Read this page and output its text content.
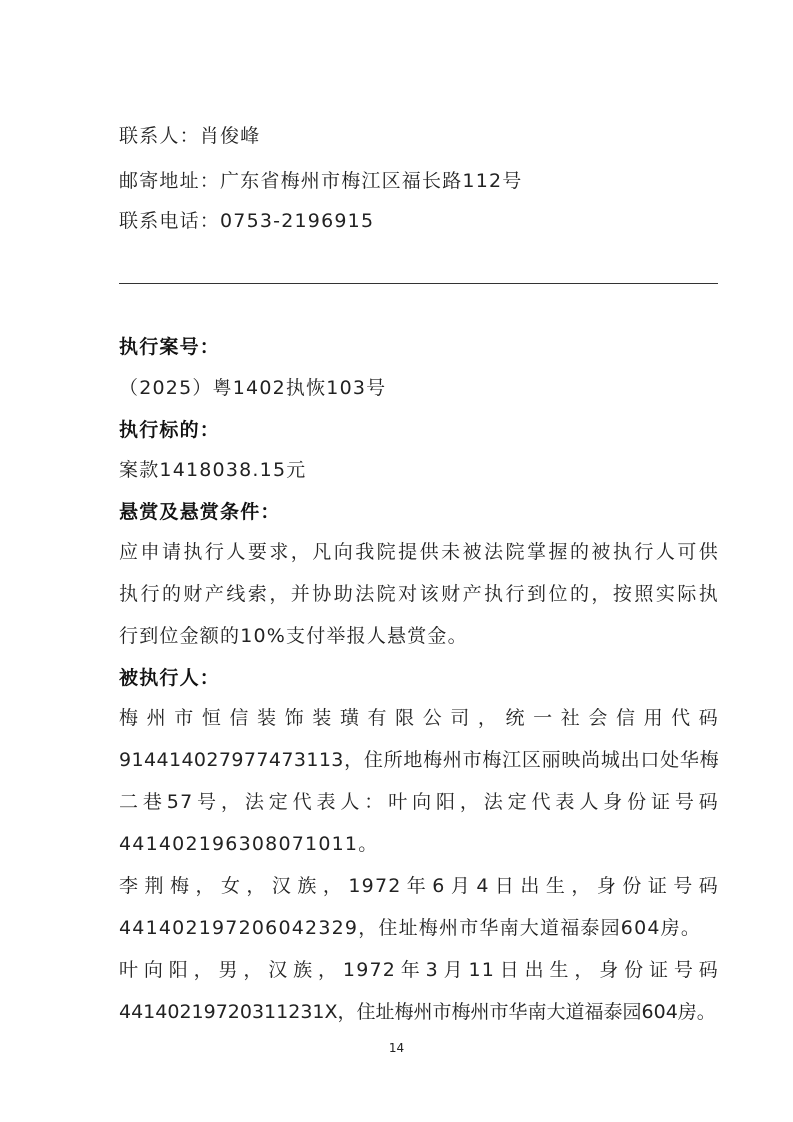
联系人：肖俊峰
邮寄地址：广东省梅州市梅江区福长路112号
联系电话：0753-2196915
执行案号：
（2025）粤1402执恢103号
执行标的：
案款1418038.15元
悬赏及悬赏条件：
应申请执行人要求，凡向我院提供未被法院掌握的被执行人可供
执行的财产线索，并协助法院对该财产执行到位的，按照实际执
行到位金额的10%支付举报人悬赏金。
被执行人：
梅州市恒信装饰装璜有限公司，统一社会信用代码
914414027977473113，住所地梅州市梅江区丽映尚城出口处华梅
二巷57号，法定代表人：叶向阳，法定代表人身份证号码
441402196308071011。
李荆梅，女，汉族，1972年6月4日出生，身份证号码
441402197206042329，住址梅州市华南大道福泰园604房。
叶向阳，男，汉族，1972年3月11日出生，身份证号码
44140219720311231X，住址梅州市梅州市华南大道福泰园604房。
14
